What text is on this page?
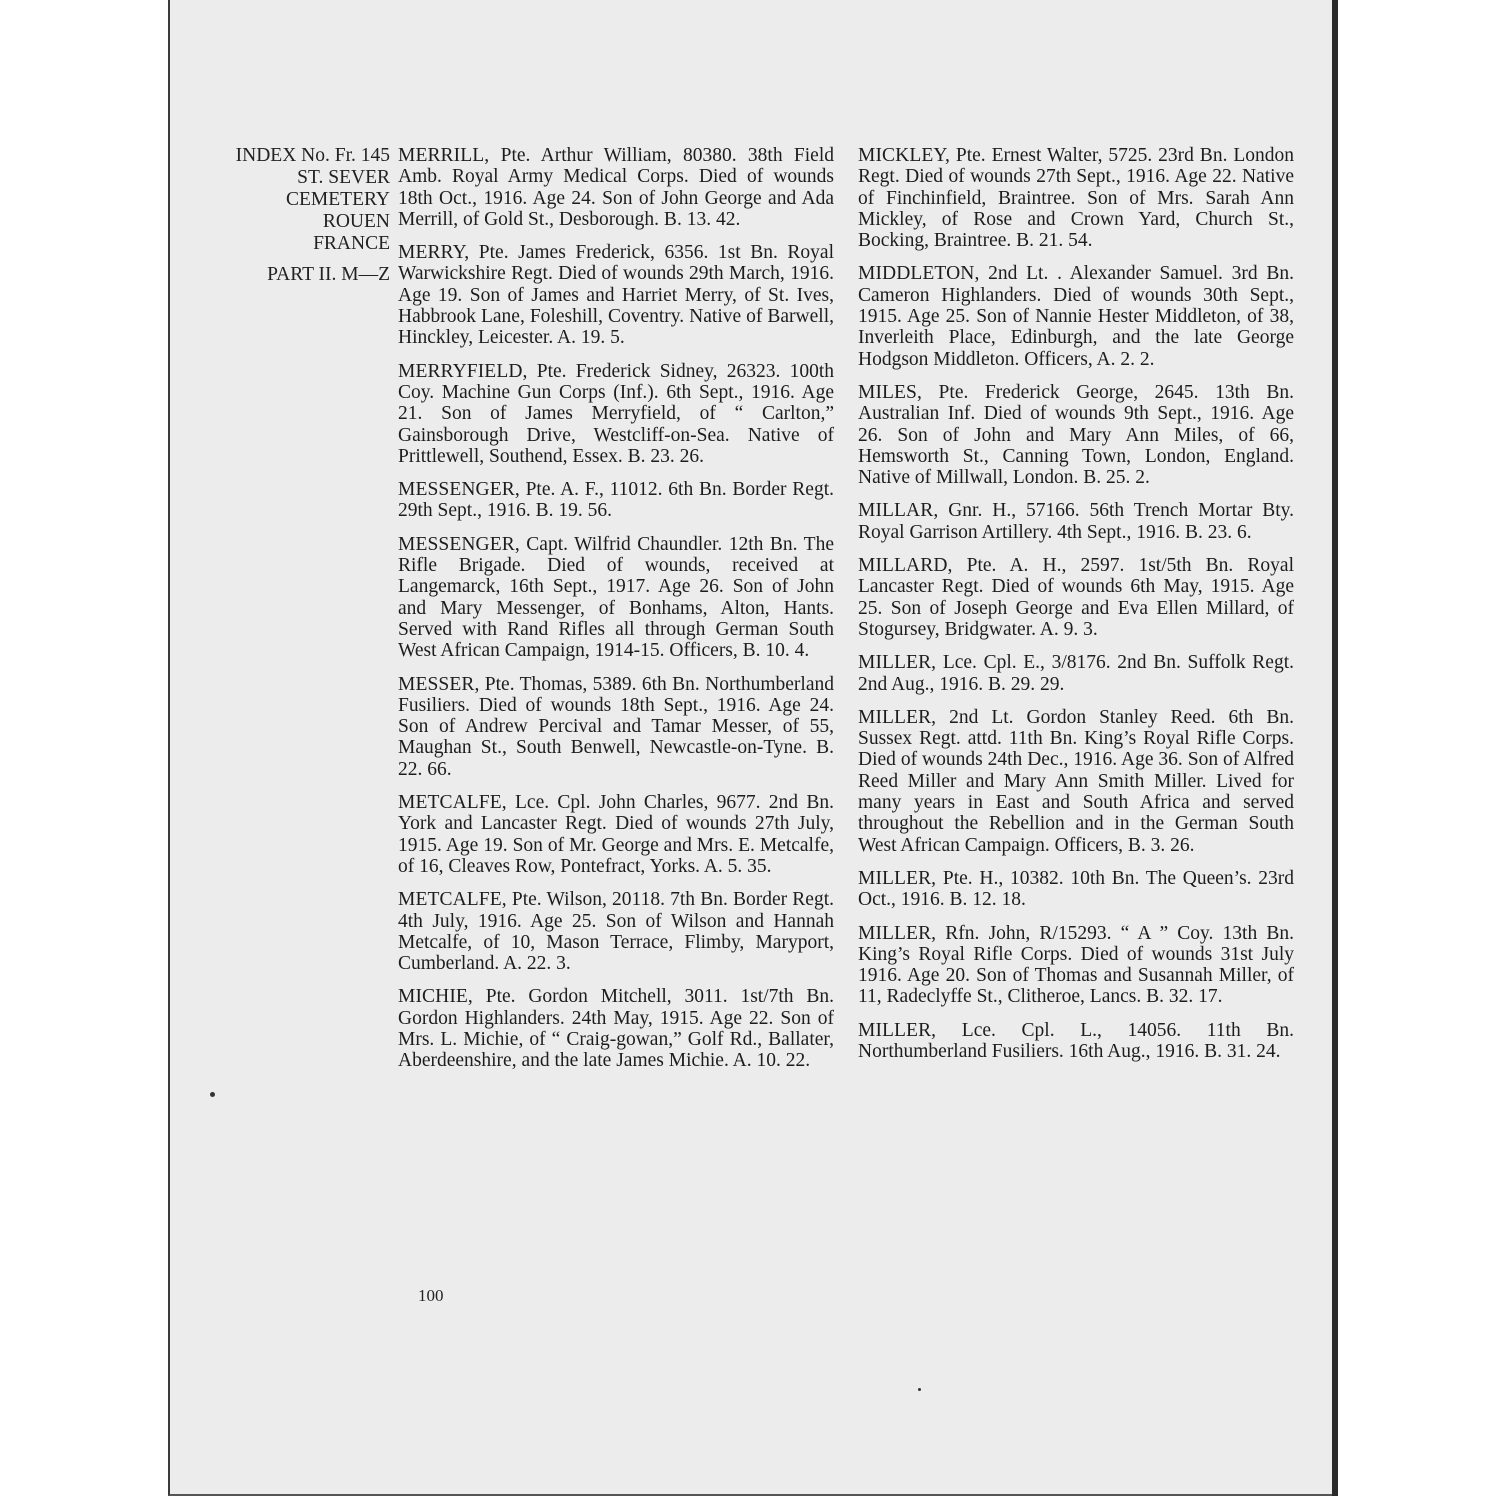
INDEX No. Fr. 145
ST. SEVER
CEMETERY
ROUEN
FRANCE
PART II. M—Z

MERRILL, Pte. Arthur William, 80380. 38th Field Amb. Royal Army Medical Corps. Died of wounds 18th Oct., 1916. Age 24. Son of John George and Ada Merrill, of Gold St., Desborough. B. 13. 42.

MERRY, Pte. James Frederick, 6356. 1st Bn. Royal Warwickshire Regt. Died of wounds 29th March, 1916. Age 19. Son of James and Harriet Merry, of St. Ives, Habbrook Lane, Foleshill, Coventry. Native of Barwell, Hinckley, Leicester. A. 19. 5.

MERRYFIELD, Pte. Frederick Sidney, 26323. 100th Coy. Machine Gun Corps (Inf.). 6th Sept., 1916. Age 21. Son of James Merryfield, of “ Carlton,” Gainsborough Drive, Westcliff-on-Sea. Native of Prittlewell, Southend, Essex. B. 23. 26.

MESSENGER, Pte. A. F., 11012. 6th Bn. Border Regt. 29th Sept., 1916. B. 19. 56.

MESSENGER, Capt. Wilfrid Chaundler. 12th Bn. The Rifle Brigade. Died of wounds, received at Langemarck, 16th Sept., 1917. Age 26. Son of John and Mary Messenger, of Bonhams, Alton, Hants. Served with Rand Rifles all through German South West African Campaign, 1914-15. Officers, B. 10. 4.

MESSER, Pte. Thomas, 5389. 6th Bn. Northumberland Fusiliers. Died of wounds 18th Sept., 1916. Age 24. Son of Andrew Percival and Tamar Messer, of 55, Maughan St., South Benwell, Newcastle-on-Tyne. B. 22. 66.

METCALFE, Lce. Cpl. John Charles, 9677. 2nd Bn. York and Lancaster Regt. Died of wounds 27th July, 1915. Age 19. Son of Mr. George and Mrs. E. Metcalfe, of 16, Cleaves Row, Pontefract, Yorks. A. 5. 35.

METCALFE, Pte. Wilson, 20118. 7th Bn. Border Regt. 4th July, 1916. Age 25. Son of Wilson and Hannah Metcalfe, of 10, Mason Terrace, Flimby, Maryport, Cumberland. A. 22. 3.

MICHIE, Pte. Gordon Mitchell, 3011. 1st/7th Bn. Gordon Highlanders. 24th May, 1915. Age 22. Son of Mrs. L. Michie, of “ Craig-gowan,” Golf Rd., Ballater, Aberdeenshire, and the late James Michie. A. 10. 22.

MICKLEY, Pte. Ernest Walter, 5725. 23rd Bn. London Regt. Died of wounds 27th Sept., 1916. Age 22. Native of Finchinfield, Braintree. Son of Mrs. Sarah Ann Mickley, of Rose and Crown Yard, Church St., Bocking, Braintree. B. 21. 54.

MIDDLETON, 2nd Lt. . Alexander Samuel. 3rd Bn. Cameron Highlanders. Died of wounds 30th Sept., 1915. Age 25. Son of Nannie Hester Middleton, of 38, Inverleith Place, Edinburgh, and the late George Hodgson Middleton. Officers, A. 2. 2.

MILES, Pte. Frederick George, 2645. 13th Bn. Australian Inf. Died of wounds 9th Sept., 1916. Age 26. Son of John and Mary Ann Miles, of 66, Hemsworth St., Canning Town, London, England. Native of Millwall, London. B. 25. 2.

MILLAR, Gnr. H., 57166. 56th Trench Mortar Bty. Royal Garrison Artillery. 4th Sept., 1916. B. 23. 6.

MILLARD, Pte. A. H., 2597. 1st/5th Bn. Royal Lancaster Regt. Died of wounds 6th May, 1915. Age 25. Son of Joseph George and Eva Ellen Millard, of Stogursey, Bridgwater. A. 9. 3.

MILLER, Lce. Cpl. E., 3/8176. 2nd Bn. Suffolk Regt. 2nd Aug., 1916. B. 29. 29.

MILLER, 2nd Lt. Gordon Stanley Reed. 6th Bn. Sussex Regt. attd. 11th Bn. King’s Royal Rifle Corps. Died of wounds 24th Dec., 1916. Age 36. Son of Alfred Reed Miller and Mary Ann Smith Miller. Lived for many years in East and South Africa and served throughout the Rebellion and in the German South West African Campaign. Officers, B. 3. 26.

MILLER, Pte. H., 10382. 10th Bn. The Queen’s. 23rd Oct., 1916. B. 12. 18.

MILLER, Rfn. John, R/15293. “ A ” Coy. 13th Bn. King’s Royal Rifle Corps. Died of wounds 31st July 1916. Age 20. Son of Thomas and Susannah Miller, of 11, Radeclyffe St., Clitheroe, Lancs. B. 32. 17.

MILLER, Lce. Cpl. L., 14056. 11th Bn. Northumberland Fusiliers. 16th Aug., 1916. B. 31. 24.

100
